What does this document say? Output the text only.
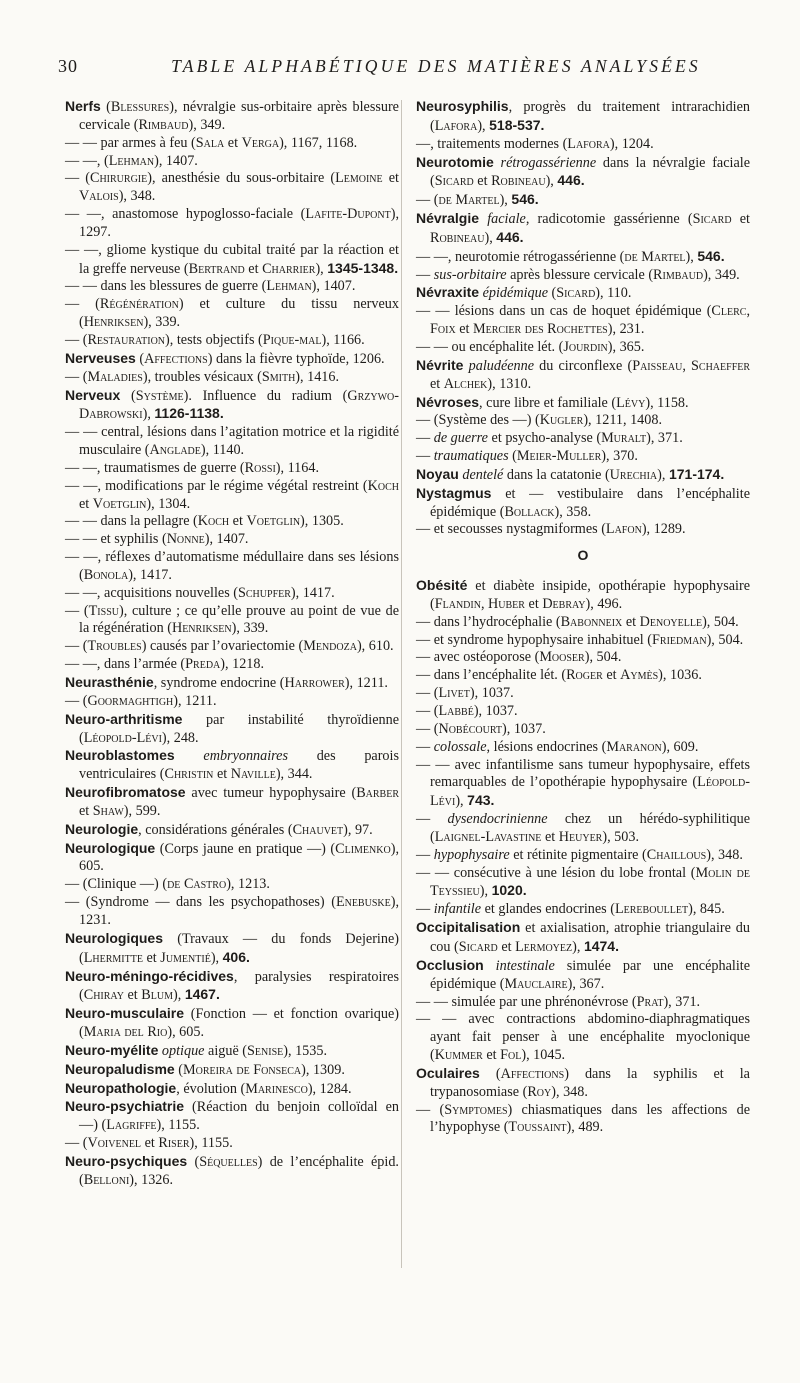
30	TABLE ALPHABÉTIQUE DES MATIÈRES ANALYSÉES

Nerfs (Blessures), névralgie sus-orbitaire après blessure cervicale (Rimbaud), 349.

— — par armes à feu (Sala et Verga), 1167, 1168.

— —, (Lehman), 1407.

— (Chirurgie), anesthésie du sous-orbitaire (Lemoine et Valois), 348.

— —, anastomose hypoglosso-faciale (Lafite-Dupont), 1297.

— —, gliome kystique du cubital traité par la réaction et la greffe nerveuse (Bertrand et Charrier), 1345-1348.

— — dans les blessures de guerre (Lehman), 1407.

— (Régénération) et culture du tissu nerveux (Henriksen), 339.

— (Restauration), tests objectifs (Pique-mal), 1166.

Nerveuses (Affections) dans la fièvre typhoïde, 1206.

— (Maladies), troubles vésicaux (Smith), 1416.

Nerveux (Système). Influence du radium (Grzywo-Dabrowski), 1126-1138.

— — central, lésions dans l’agitation motrice et la rigidité musculaire (Anglade), 1140.

— —, traumatismes de guerre (Rossi), 1164.

— —, modifications par le régime végétal restreint (Koch et Voetglin), 1304.

— — dans la pellagre (Koch et Voetglin), 1305.

— — et syphilis (Nonne), 1407.

— —, réflexes d’automatisme médullaire dans ses lésions (Bonola), 1417.

— —, acquisitions nouvelles (Schupfer), 1417.

— (Tissu), culture ; ce qu’elle prouve au point de vue de la régénération (Henriksen), 339.

— (Troubles) causés par l’ovariectomie (Mendoza), 610.

— —, dans l’armée (Preda), 1218.

Neurasthénie, syndrome endocrine (Harrower), 1211.

— (Goormaghtigh), 1211.

Neuro-arthritisme par instabilité thyroïdienne (Léopold-Lévi), 248.

Neuroblastomes embryonnaires des parois ventriculaires (Christin et Naville), 344.

Neurofibromatose avec tumeur hypophysaire (Barber et Shaw), 599.

Neurologie, considérations générales (Chauvet), 97.

Neurologique (Corps jaune en pratique —) (Climenko), 605.

— (Clinique —) (de Castro), 1213.

— (Syndrome — dans les psychopathoses) (Enebuske), 1231.

Neurologiques (Travaux — du fonds Dejerine) (Lhermitte et Jumentié), 406.

Neuro-méningo-récidives, paralysies respiratoires (Chiray et Blum), 1467.

Neuro-musculaire (Fonction — et fonction ovarique) (Maria del Rio), 605.

Neuro-myélite optique aiguë (Senise), 1535.

Neuropaludisme (Moreira de Fonseca), 1309.

Neuropathologie, évolution (Marinesco), 1284.

Neuro-psychiatrie (Réaction du benjoin colloïdal en —) (Lagriffe), 1155.

— (Voivenel et Riser), 1155.

Neuro-psychiques (Séquelles) de l’encéphalite épid. (Belloni), 1326.

Neurosyphilis, progrès du traitement intrarachidien (Lafora), 518-537.

—, traitements modernes (Lafora), 1204.

Neurotomie rétrogassérienne dans la névralgie faciale (Sicard et Robineau), 446.

— (de Martel), 546.

Névralgie faciale, radicotomie gassérienne (Sicard et Robineau), 446.

— —, neurotomie rétrogassérienne (de Martel), 546.

— sus-orbitaire après blessure cervicale (Rimbaud), 349.

Névraxite épidémique (Sicard), 110.

— — lésions dans un cas de hoquet épidémique (Clerc, Foix et Mercier des Rochettes), 231.

— — ou encéphalite lét. (Jourdin), 365.

Névrite paludéenne du circonflexe (Paisseau, Schaeffer et Alchek), 1310.

Névroses, cure libre et familiale (Lévy), 1158.

— (Système des —) (Kugler), 1211, 1408.

— de guerre et psycho-analyse (Muralt), 371.

— traumatiques (Meier-Muller), 370.

Noyau dentelé dans la catatonie (Urechia), 171-174.

Nystagmus et — vestibulaire dans l’encéphalite épidémique (Bollack), 358.

— et secousses nystagmiformes (Lafon), 1289.

O

Obésité et diabète insipide, opothérapie hypophysaire (Flandin, Huber et Debray), 496.

— dans l’hydrocéphalie (Babonneix et Denoyelle), 504.

— et syndrome hypophysaire inhabituel (Friedman), 504.

— avec ostéoporose (Mooser), 504.

— dans l’encéphalite lét. (Roger et Aymès), 1036.

— (Livet), 1037.

— (Labbé), 1037.

— (Nobécourt), 1037.

— colossale, lésions endocrines (Maranon), 609.

— — avec infantilisme sans tumeur hypophysaire, effets remarquables de l’opothérapie hypophysaire (Léopold-Lévi), 743.

— dysendocrinienne chez un hérédo-syphilitique (Laignel-Lavastine et Heuyer), 503.

— hypophysaire et rétinite pigmentaire (Chaillous), 348.

— — consécutive à une lésion du lobe frontal (Molin de Teyssieu), 1020.

— infantile et glandes endocrines (Lereboullet), 845.

Occipitalisation et axialisation, atrophie triangulaire du cou (Sicard et Lermoyez), 1474.

Occlusion intestinale simulée par une encéphalite épidémique (Mauclaire), 367.

— — simulée par une phrénonévrose (Prat), 371.

— — avec contractions abdomino-diaphragmatiques ayant fait penser à une encéphalite myoclonique (Kummer et Fol), 1045.

Oculaires (Affections) dans la syphilis et la trypanosomiase (Roy), 348.

— (Symptomes) chiasmatiques dans les affections de l’hypophyse (Toussaint), 489.
